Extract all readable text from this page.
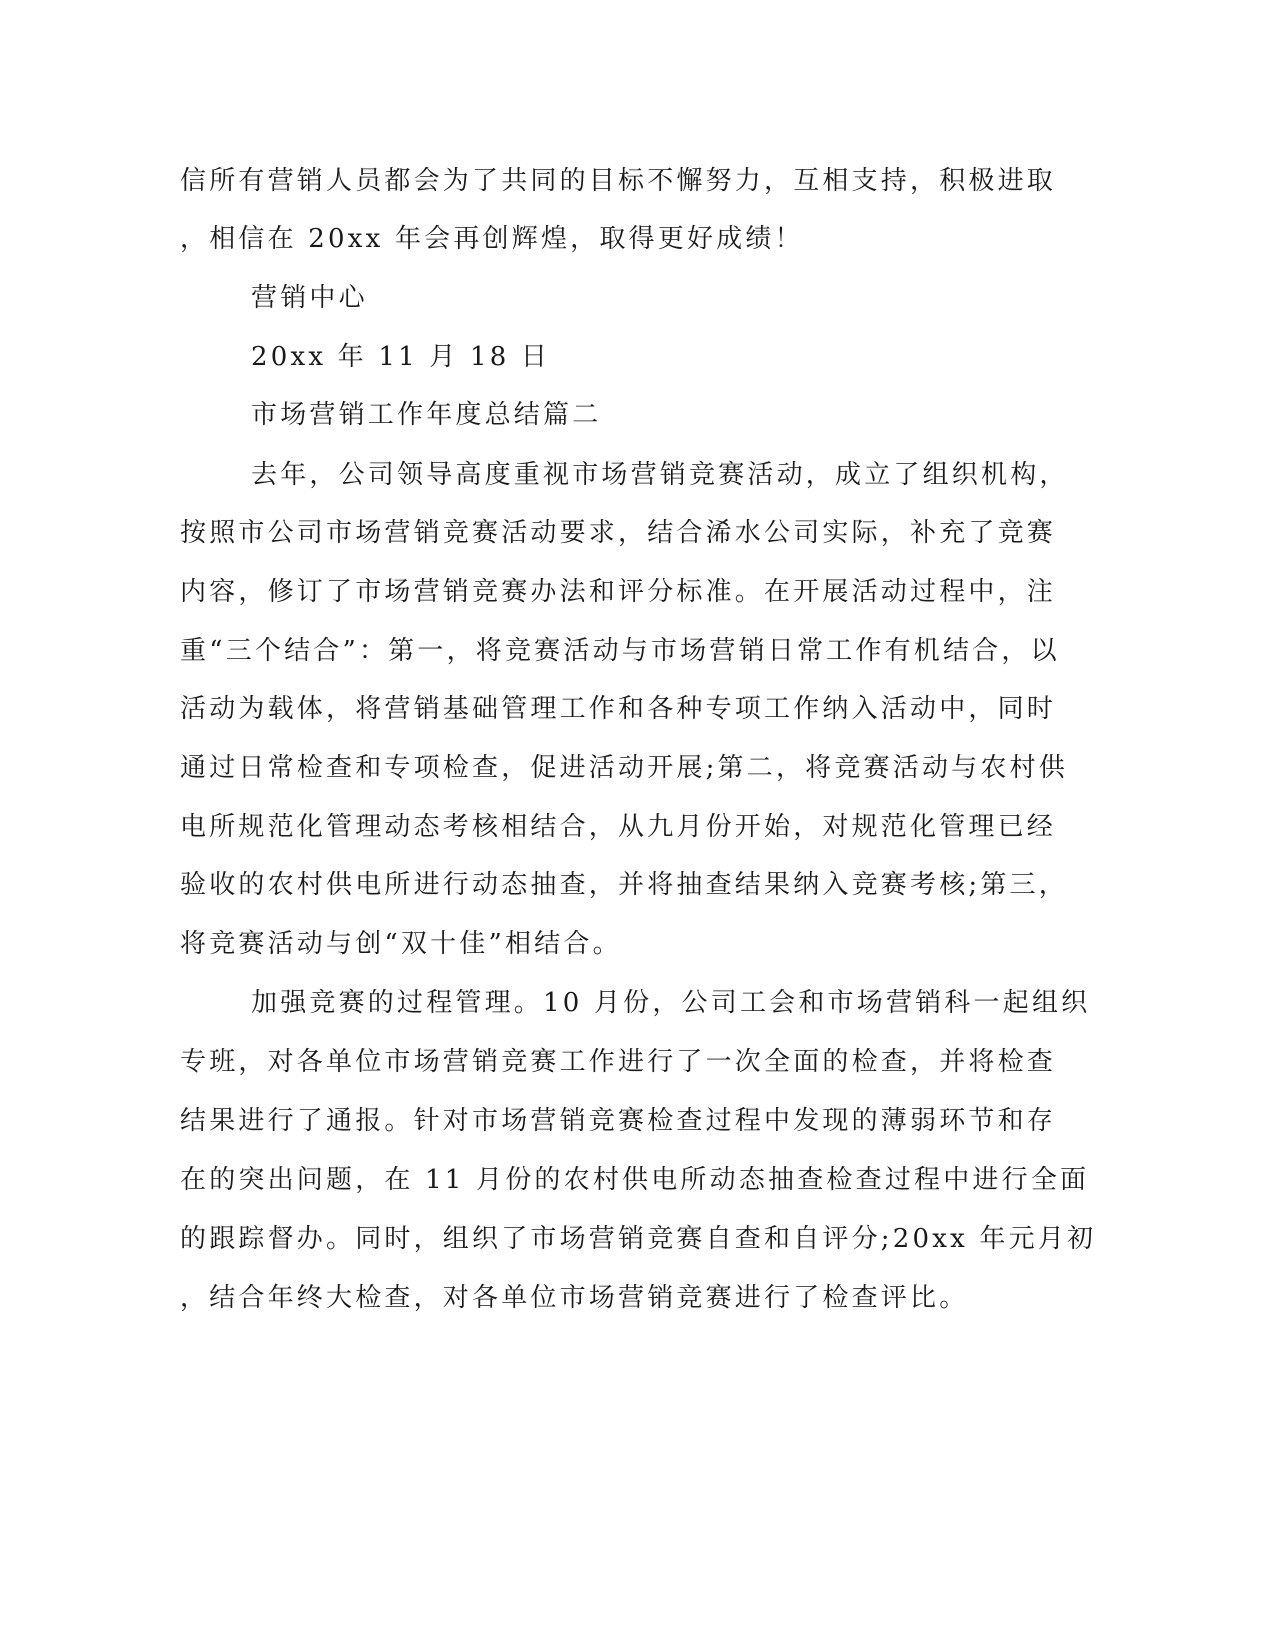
信所有营销人员都会为了共同的目标不懈努力，互相支持，积极进取
，相信在 20xx 年会再创辉煌，取得更好成绩！
营销中心
20xx 年 11 月 18 日
市场营销工作年度总结篇二
去年，公司领导高度重视市场营销竞赛活动，成立了组织机构，
按照市公司市场营销竞赛活动要求，结合浠水公司实际，补充了竞赛
内容，修订了市场营销竞赛办法和评分标准。在开展活动过程中，注
重“三个结合”：第一，将竞赛活动与市场营销日常工作有机结合，以
活动为载体，将营销基础管理工作和各种专项工作纳入活动中，同时
通过日常检查和专项检查，促进活动开展;第二，将竞赛活动与农村供
电所规范化管理动态考核相结合，从九月份开始，对规范化管理已经
验收的农村供电所进行动态抽查，并将抽查结果纳入竞赛考核;第三，
将竞赛活动与创“双十佳”相结合。
加强竞赛的过程管理。10 月份，公司工会和市场营销科一起组织
专班，对各单位市场营销竞赛工作进行了一次全面的检查，并将检查
结果进行了通报。针对市场营销竞赛检查过程中发现的薄弱环节和存
在的突出问题，在 11 月份的农村供电所动态抽查检查过程中进行全面
的跟踪督办。同时，组织了市场营销竞赛自查和自评分;20xx 年元月初
，结合年终大检查，对各单位市场营销竞赛进行了检查评比。
